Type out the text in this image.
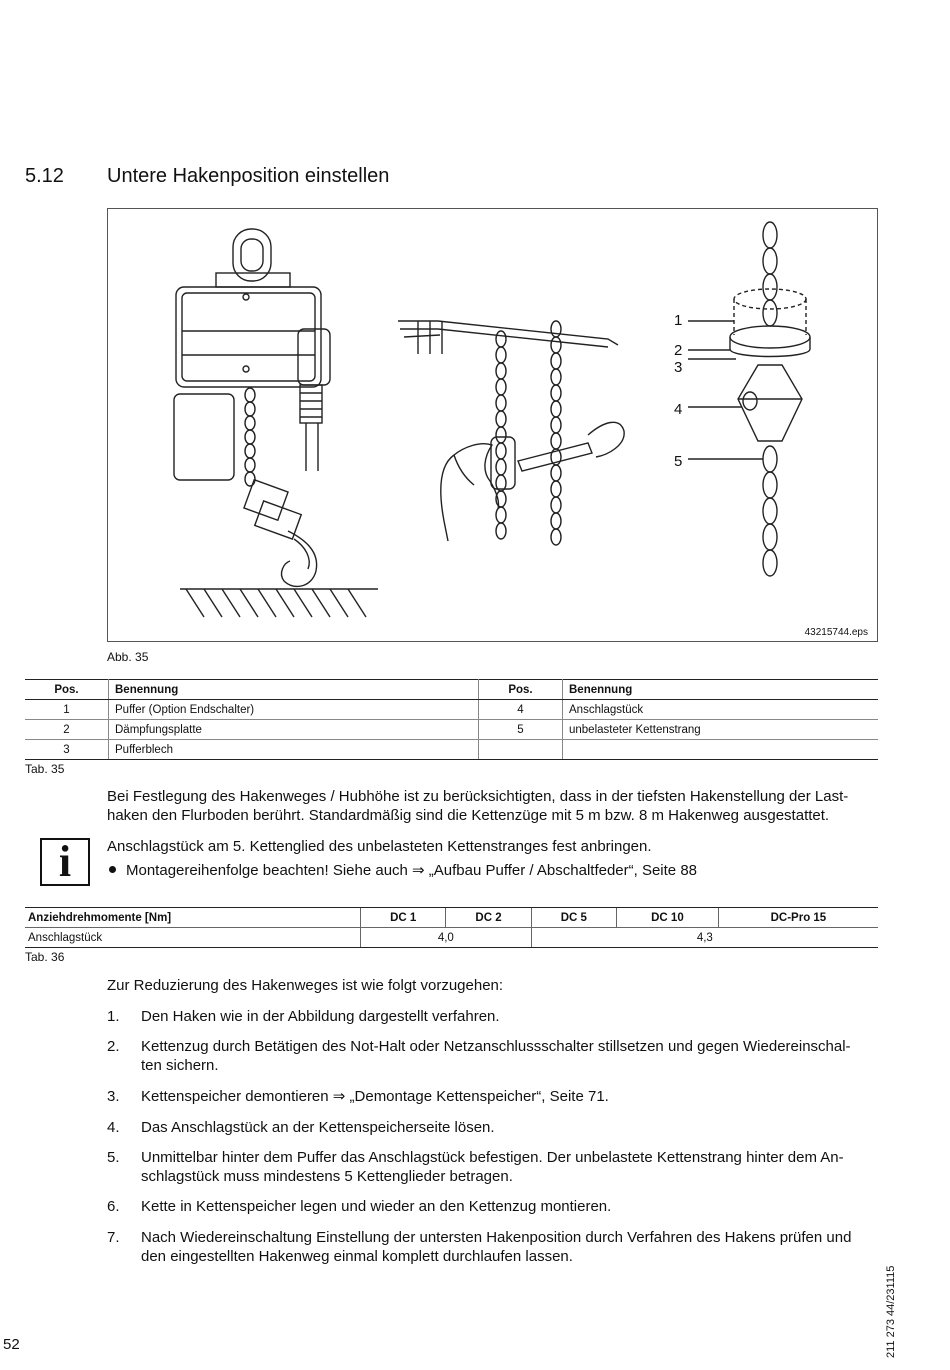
5.12 Untere Hakenposition einstellen
1
2
3
4
5
43215744.eps
Abb. 35
Pos.	Benennung	Pos.	Benennung
1	Puffer (Option Endschalter)	4	Anschlagstück
2	Dämpfungsplatte	5	unbelasteter Kettenstrang
3	Pufferblech		
Tab. 35
Bei Festlegung des Hakenweges / Hubhöhe ist zu berücksichtigten, dass in der tiefsten Hakenstellung der Last-
haken den Flurboden berührt. Standardmäßig sind die Kettenzüge mit 5 m bzw. 8 m Hakenweg ausgestattet.
i	Anschlagstück am 5. Kettenglied des unbelasteten Kettenstranges fest anbringen.
Montagereihenfolge beachten! Siehe auch ⇒ „Aufbau Puffer / Abschaltfeder“, Seite 88
Anziehdrehmomente [Nm]	DC 1	DC 2	DC 5	DC 10	DC-Pro 15
Anschlagstück	4,0		4,3		
Tab. 36
Zur Reduzierung des Hakenweges ist wie folgt vorzugehen:
1. Den Haken wie in der Abbildung dargestellt verfahren.
2. Kettenzug durch Betätigen des Not-Halt oder Netzanschlussschalter stillsetzen und gegen Wiedereinschal-
ten sichern.
3. Kettenspeicher demontieren ⇒ „Demontage Kettenspeicher“, Seite 71.
4. Das Anschlagstück an der Kettenspeicherseite lösen.
5. Unmittelbar hinter dem Puffer das Anschlagstück befestigen. Der unbelastete Kettenstrang hinter dem An-
schlagstück muss mindestens 5 Kettenglieder betragen.
6. Kette in Kettenspeicher legen und wieder an den Kettenzug montieren.
7. Nach Wiedereinschaltung Einstellung der untersten Hakenposition durch Verfahren des Hakens prüfen und
den eingestellten Hakenweg einmal komplett durchlaufen lassen.
52	211 273 44/231115
